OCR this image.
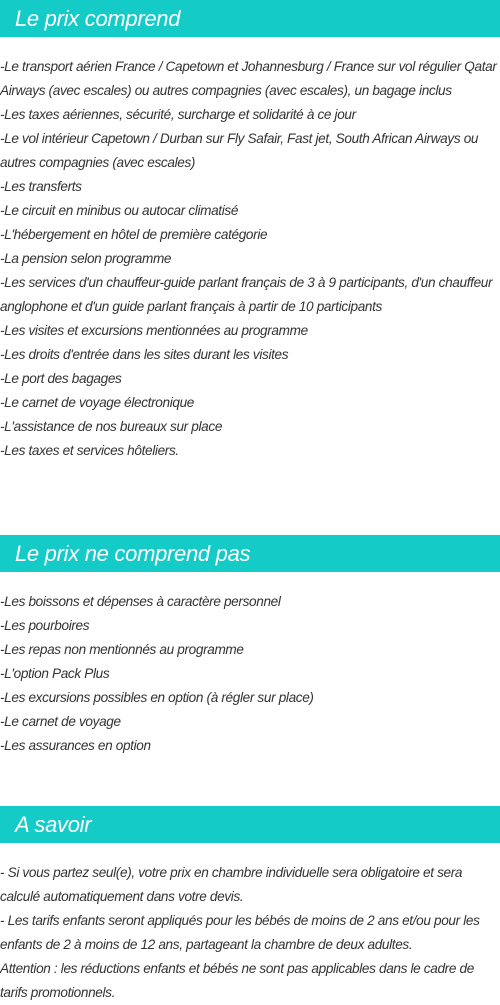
Le prix comprend

-Le transport aérien France / Capetown et Johannesburg / France sur vol régulier Qatar Airways (avec escales) ou autres compagnies (avec escales), un bagage inclus

-Les taxes aériennes, sécurité, surcharge et solidarité à ce jour

-Le vol intérieur Capetown / Durban sur Fly Safair, Fast jet, South African Airways ou autres compagnies (avec escales)

-Les transferts

-Le circuit en minibus ou autocar climatisé

-L'hébergement en hôtel de première catégorie

-La pension selon programme

-Les services d'un chauffeur-guide parlant français de 3 à 9 participants, d'un chauffeur anglophone et d'un guide parlant français à partir de 10 participants

-Les visites et excursions mentionnées au programme

-Les droits d'entrée dans les sites durant les visites

-Le port des bagages

-Le carnet de voyage électronique

-L'assistance de nos bureaux sur place

-Les taxes et services hôteliers.

Le prix ne comprend pas

-Les boissons et dépenses à caractère personnel

-Les pourboires

-Les repas non mentionnés au programme

-L'option Pack Plus

-Les excursions possibles en option (à régler sur place)

-Le carnet de voyage

-Les assurances en option

A savoir

- Si vous partez seul(e), votre prix en chambre individuelle sera obligatoire et sera calculé automatiquement dans votre devis.

- Les tarifs enfants seront appliqués pour les bébés de moins de 2 ans et/ou pour les enfants de 2 à moins de 12 ans, partageant la chambre de deux adultes.

Attention : les réductions enfants et bébés ne sont pas applicables dans le cadre de tarifs promotionnels.
